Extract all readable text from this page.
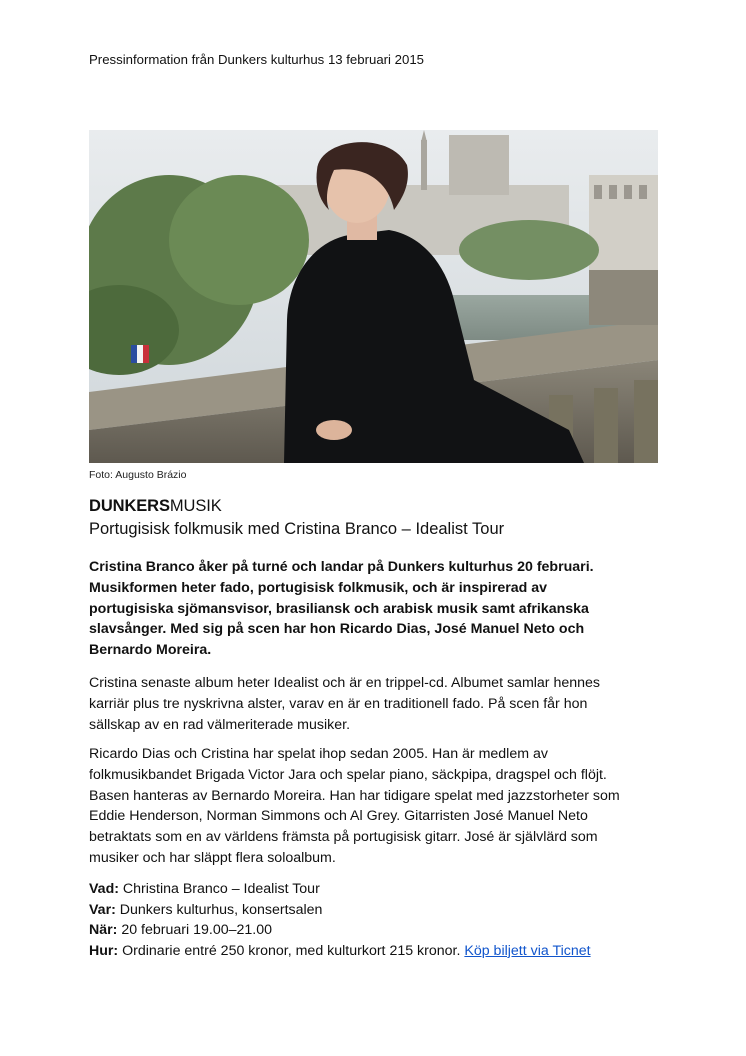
Pressinformation från Dunkers kulturhus 13 februari 2015
Foto: Augusto Brázio
DUNKERSMUSIK
Portugisisk folkmusik med Cristina Branco – Idealist Tour
Cristina Branco åker på turné och landar på Dunkers kulturhus 20 februari.
Musikformen heter fado, portugisisk folkmusik, och är inspirerad av
portugisiska sjömansvisor, brasiliansk och arabisk musik samt afrikanska
slavsånger. Med sig på scen har hon Ricardo Dias, José Manuel Neto och
Bernardo Moreira.
Cristina senaste album heter Idealist och är en trippel-cd. Albumet samlar hennes
karriär plus tre nyskrivna alster, varav en är en traditionell fado. På scen får hon
sällskap av en rad välmeriterade musiker.
Ricardo Dias och Cristina har spelat ihop sedan 2005. Han är medlem av
folkmusikbandet Brigada Victor Jara och spelar piano, säckpipa, dragspel och flöjt.
Basen hanteras av Bernardo Moreira. Han har tidigare spelat med jazzstorheter som
Eddie Henderson, Norman Simmons och Al Grey. Gitarristen José Manuel Neto
betraktats som en av världens främsta på portugisisk gitarr. José är självlärd som
musiker och har släppt flera soloalbum.
Vad: Christina Branco – Idealist Tour
Var: Dunkers kulturhus, konsertsalen
När: 20 februari 19.00–21.00
Hur: Ordinarie entré 250 kronor, med kulturkort 215 kronor. Köp biljett via Ticnet
